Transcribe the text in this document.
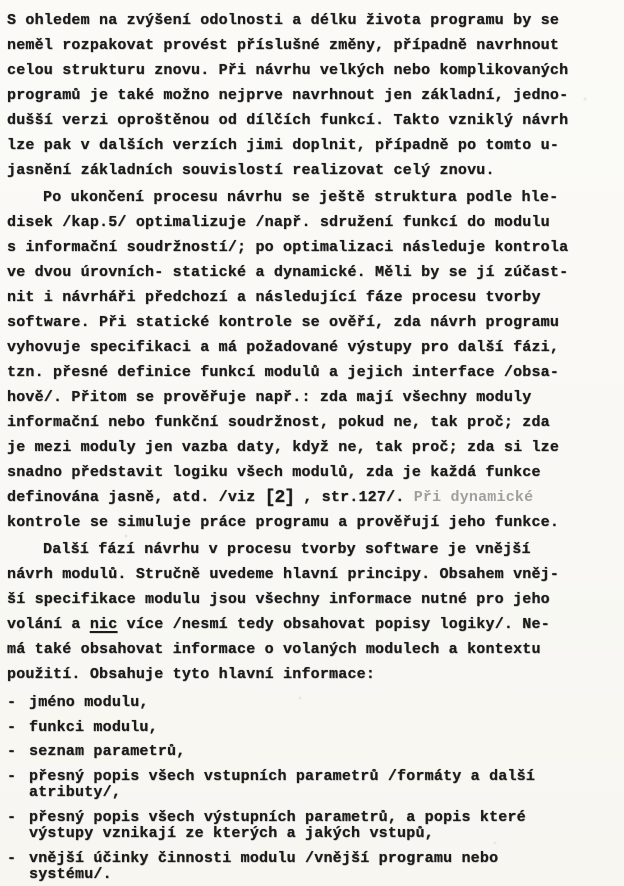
S ohledem na zvýšení odolnosti a délku života programu by se
neměl rozpakovat provést příslušné změny, případně navrhnout
celou strukturu znovu. Při návrhu velkých nebo komplikovaných
programů je také možno nejprve navrhnout jen základní, jedno-
dušší verzi oproštěnou od dílčích funkcí. Takto vzniklý návrh
lze pak v dalších verzích jimi doplnit, případně po tomto u-
jasnění základních souvislostí realizovat celý znovu.
Po ukončení procesu návrhu se ještě struktura podle hle-
disek /kap.5/ optimalizuje /např. sdružení funkcí do modulu
s informační soudržností/; po optimalizaci následuje kontrola
ve dvou úrovních- statické a dynamické. Měli by se jí zúčast-
nit i návrháři předchozí a následující fáze procesu tvorby
software. Při statické kontrole se ověří, zda návrh programu
vyhovuje specifikaci a má požadované výstupy pro další fázi,
tzn. přesné definice funkcí modulů a jejich interface /obsa-
hově/. Přitom se prověřuje např.: zda mají všechny moduly
informační nebo funkční soudržnost, pokud ne, tak proč; zda
je mezi moduly jen vazba daty, když ne, tak proč; zda si lze
snadno představit logiku všech modulů, zda je každá funkce
definována jasně, atd. /viz [2] , str.127/. Při dynamické
kontrole se simuluje práce programu a prověřují jeho funkce.
Další fází návrhu v procesu tvorby software je vnější
návrh modulů. Stručně uvedeme hlavní principy. Obsahem vněj-
ší specifikace modulu jsou všechny informace nutné pro jeho
volání a nic více /nesmí tedy obsahovat popisy logiky/. Ne-
má také obsahovat informace o volaných modulech a kontextu
použití. Obsahuje tyto hlavní informace:
- jméno modulu,
- funkci modulu,
- seznam parametrů,
- přesný popis všech vstupních parametrů /formáty a další
atributy/,
- přesný popis všech výstupních parametrů, a popis které
výstupy vznikají ze kterých a jakých vstupů,
- vnější účinky činnosti modulu /vnější programu nebo
systému/.
